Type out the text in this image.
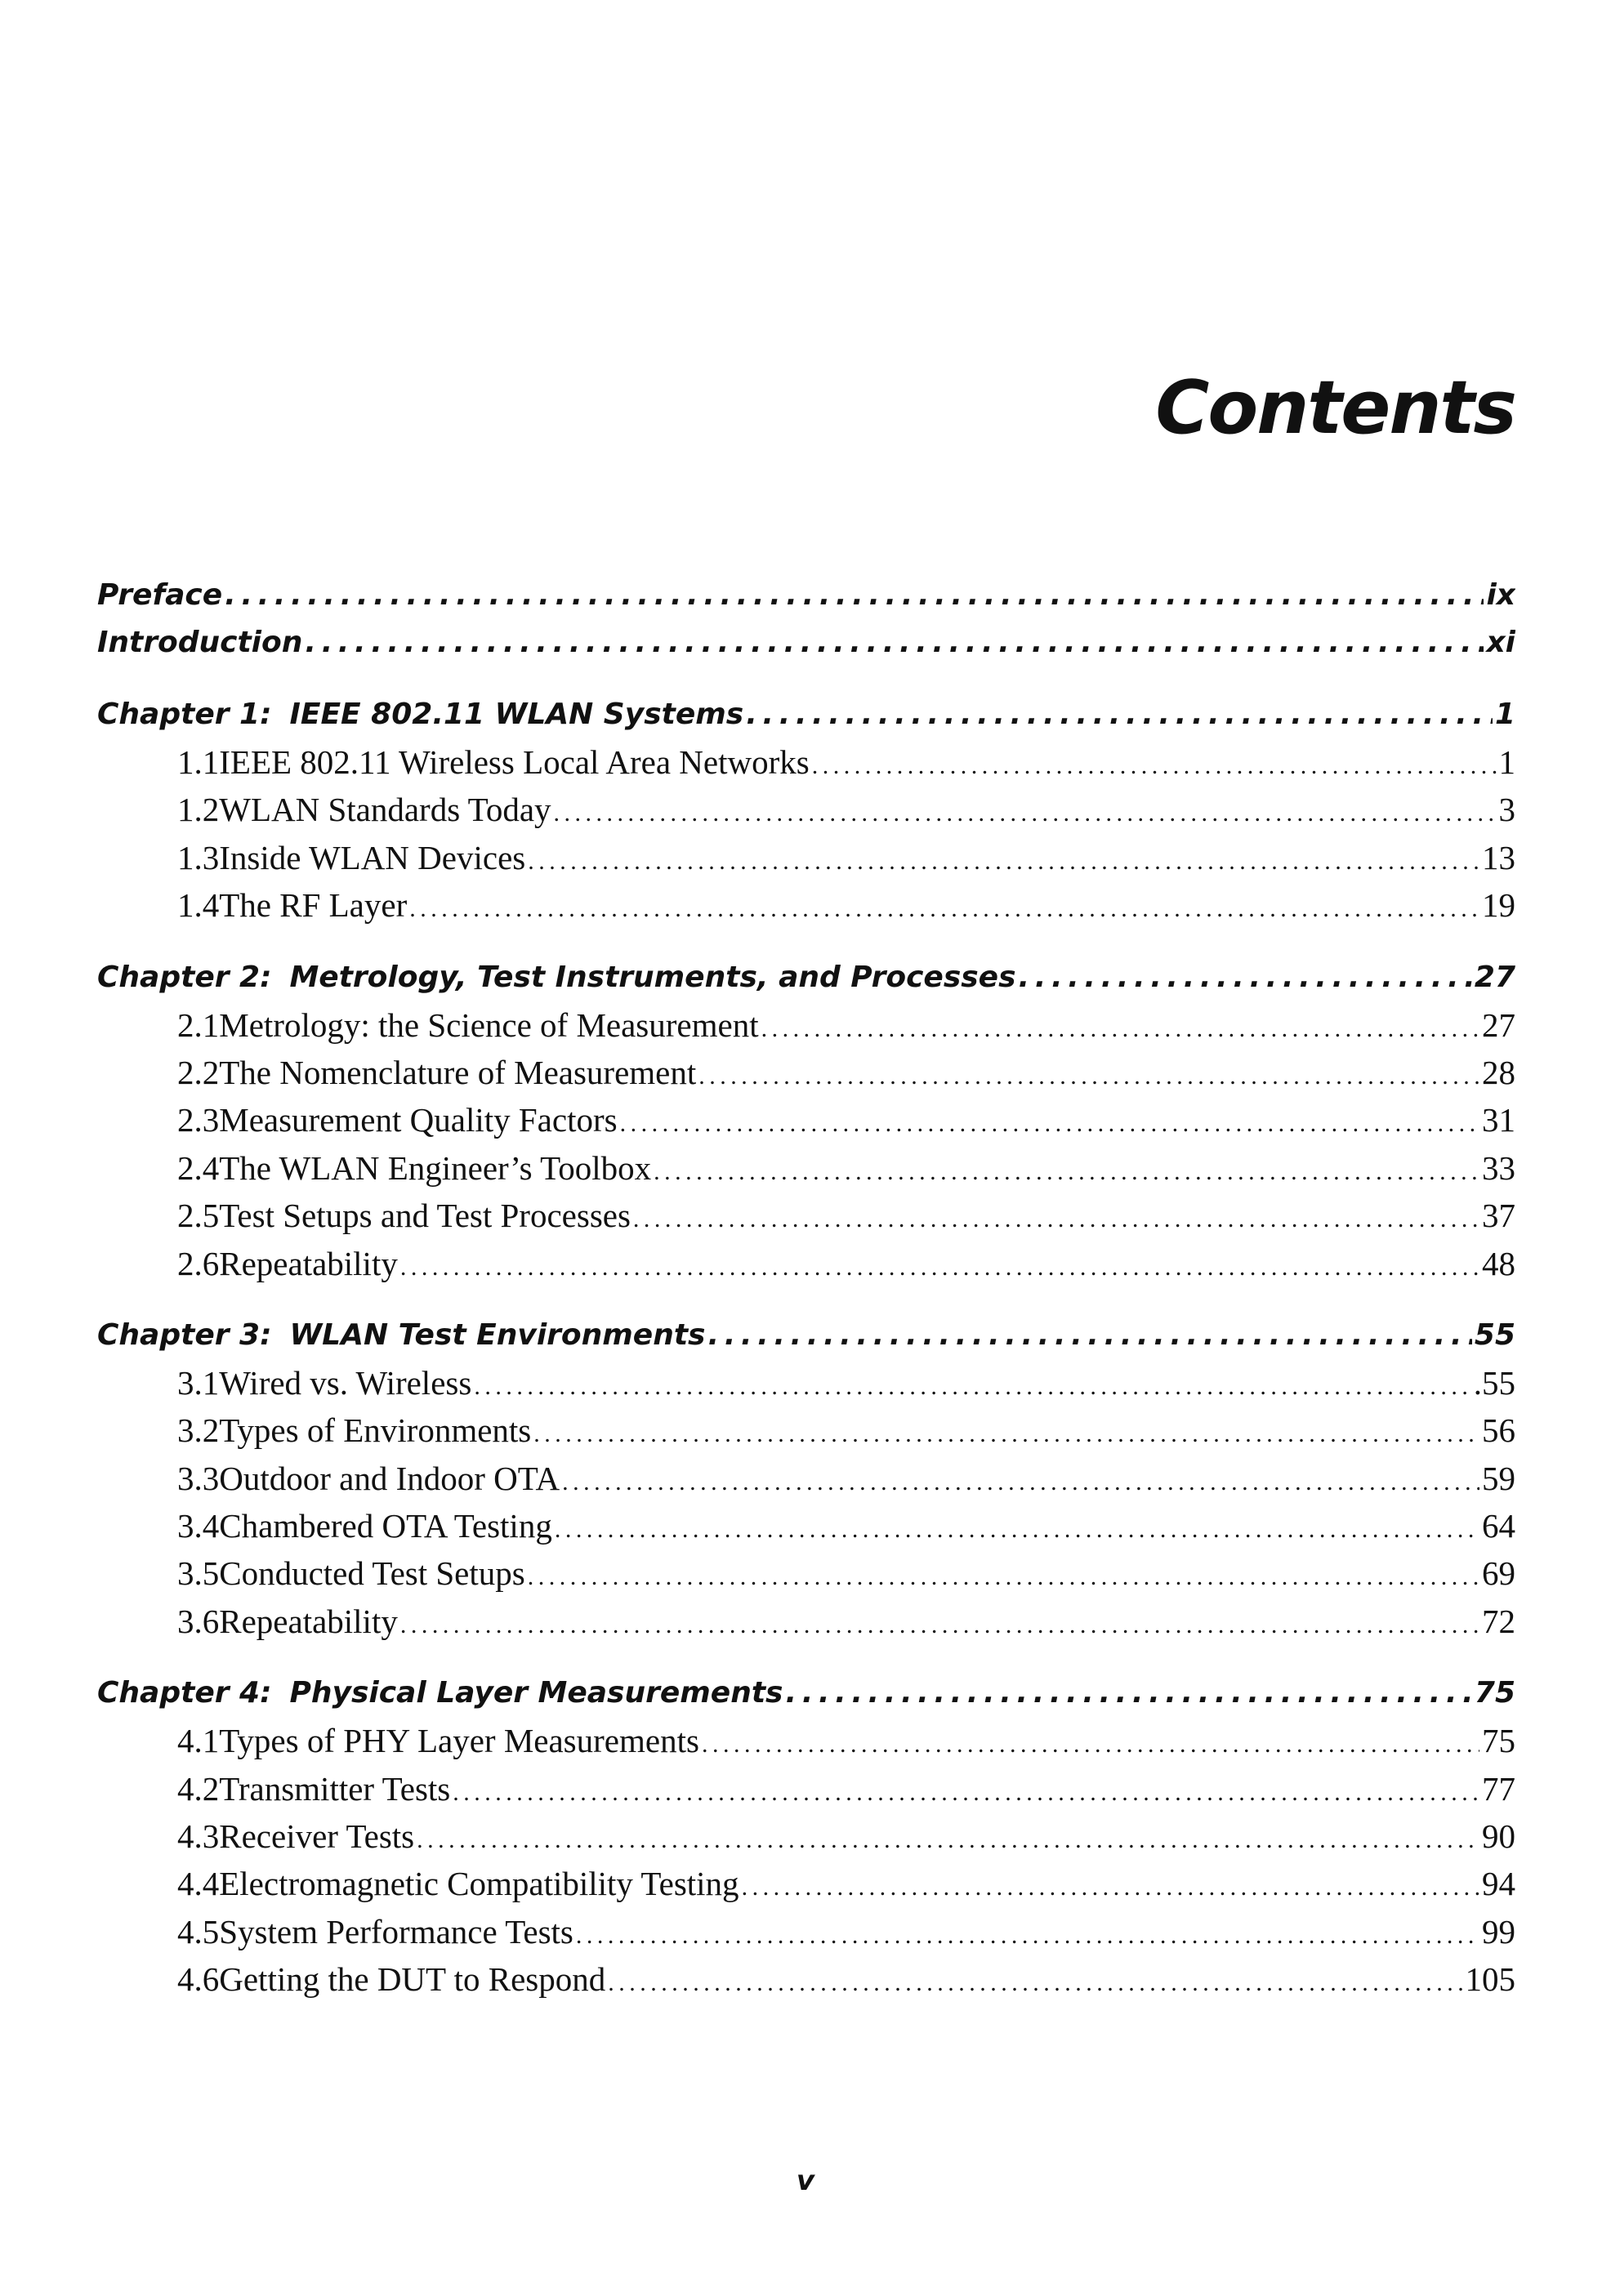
Contents
Preface . . .	ix
Introduction . . .	xi
Chapter 1: IEEE 802.11 WLAN Systems . . .	1
1.1 IEEE 802.11 Wireless Local Area Networks . . .	1
1.2 WLAN Standards Today . . .	3
1.3 Inside WLAN Devices . . .	13
1.4 The RF Layer . . .	19
Chapter 2: Metrology, Test Instruments, and Processes . . .	27
2.1 Metrology: the Science of Measurement . . .	27
2.2 The Nomenclature of Measurement . . .	28
2.3 Measurement Quality Factors . . .	31
2.4 The WLAN Engineer’s Toolbox . . .	33
2.5 Test Setups and Test Processes . . .	37
2.6 Repeatability . . .	48
Chapter 3: WLAN Test Environments . . .	55
3.1 Wired vs. Wireless . . .	.55
3.2 Types of Environments . . .	56
3.3 Outdoor and Indoor OTA . . .	59
3.4 Chambered OTA Testing . . .	64
3.5 Conducted Test Setups . . .	69
3.6 Repeatability . . .	72
Chapter 4: Physical Layer Measurements . . .	75
4.1 Types of PHY Layer Measurements . . .	75
4.2 Transmitter Tests . . .	77
4.3 Receiver Tests . . .	90
4.4 Electromagnetic Compatibility Testing . . .	94
4.5 System Performance Tests . . .	99
4.6 Getting the DUT to Respond . . .	105
v
